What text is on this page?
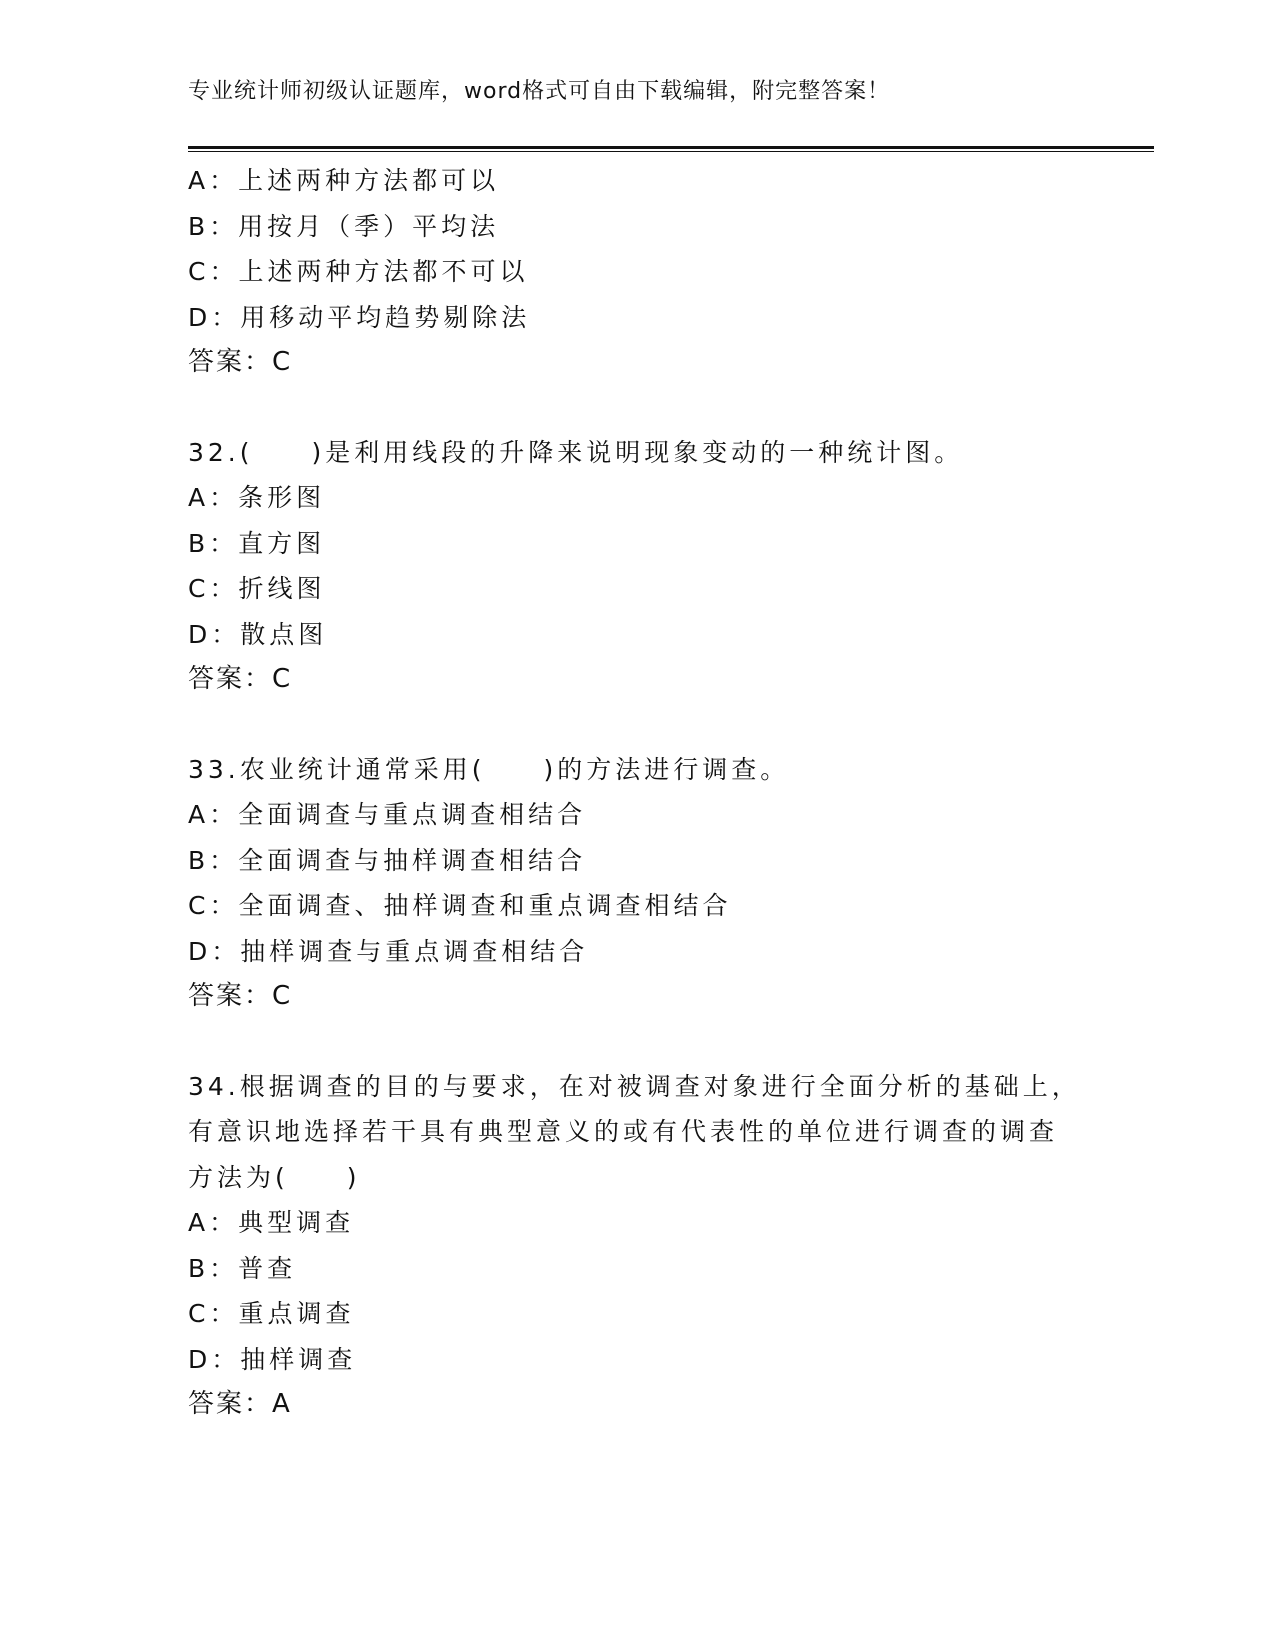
专业统计师初级认证题库，word格式可自由下载编辑，附完整答案！
A：上述两种方法都可以
B：用按月（季）平均法
C：上述两种方法都不可以
D：用移动平均趋势剔除法
答案：C
32.(　　)是利用线段的升降来说明现象变动的一种统计图。
A：条形图
B：直方图
C：折线图
D：散点图
答案：C
33.农业统计通常采用(　　)的方法进行调查。
A：全面调查与重点调查相结合
B：全面调查与抽样调查相结合
C：全面调查、抽样调查和重点调查相结合
D：抽样调查与重点调查相结合
答案：C
34.根据调查的目的与要求，在对被调查对象进行全面分析的基础上，
有意识地选择若干具有典型意义的或有代表性的单位进行调查的调查
方法为(　　)
A：典型调查
B：普查
C：重点调查
D：抽样调查
答案：A
